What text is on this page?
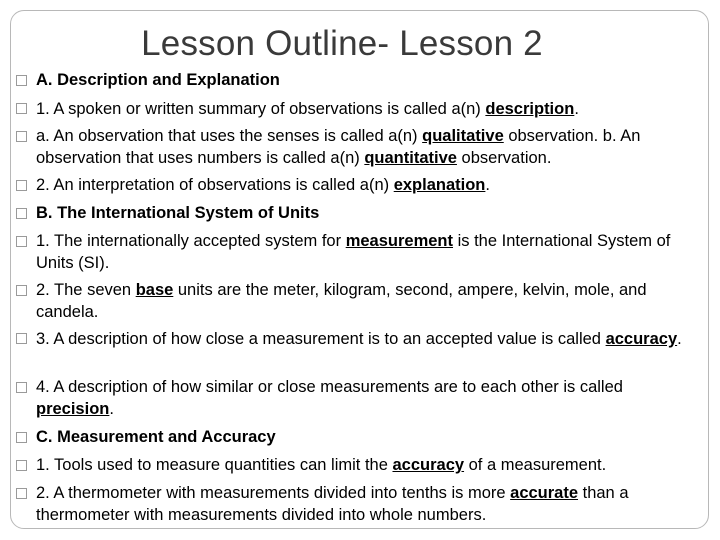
Lesson Outline- Lesson 2
A. Description and Explanation
1. A spoken or written summary of observations is called a(n) description.
a. An observation that uses the senses is called a(n) qualitative observation. b. An observation that uses numbers is called a(n) quantitative observation.
2. An interpretation of observations is called a(n) explanation.
B. The International System of Units
1. The internationally accepted system for measurement is the International System of Units (SI).
2. The seven base units are the meter, kilogram, second, ampere, kelvin, mole, and candela.
3. A description of how close a measurement is to an accepted value is called accuracy.
4. A description of how similar or close measurements are to each other is called precision.
C. Measurement and Accuracy
1. Tools used to measure quantities can limit the accuracy of a measurement.
2. A thermometer with measurements divided into tenths is more accurate than a thermometer with measurements divided into whole numbers.
